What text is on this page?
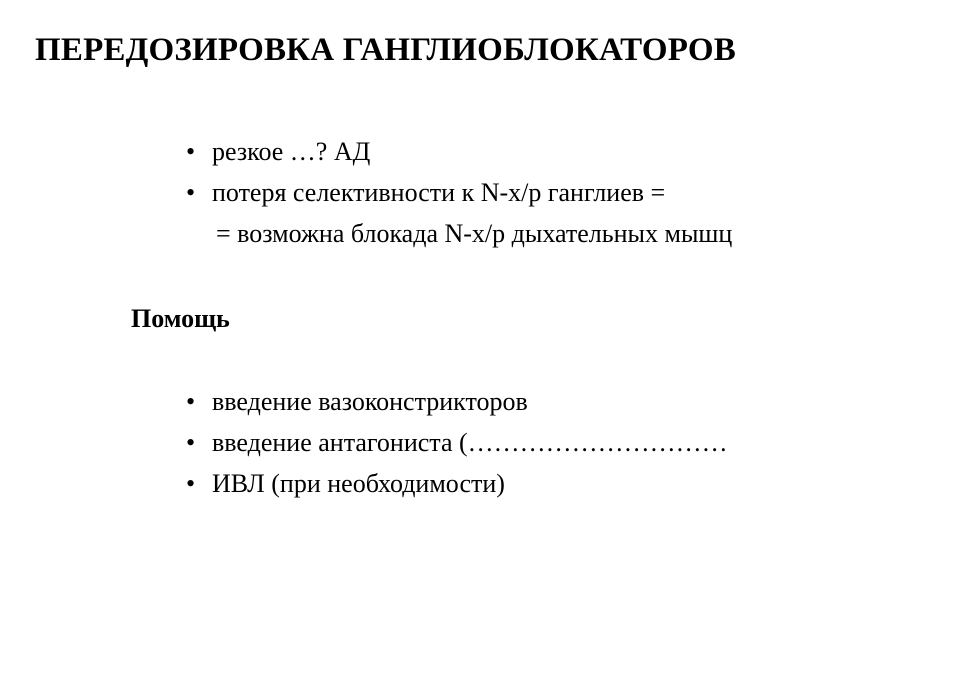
ПЕРЕДОЗИРОВКА ГАНГЛИОБЛОКАТОРОВ
• резкое …? АД
• потеря селективности к N-х/р ганглиев =

= возможна блокада N-х/р дыхательных мышц

Помощь
• введение вазоконстрикторов
• введение антагониста (…………………………
• ИВЛ (при необходимости)
